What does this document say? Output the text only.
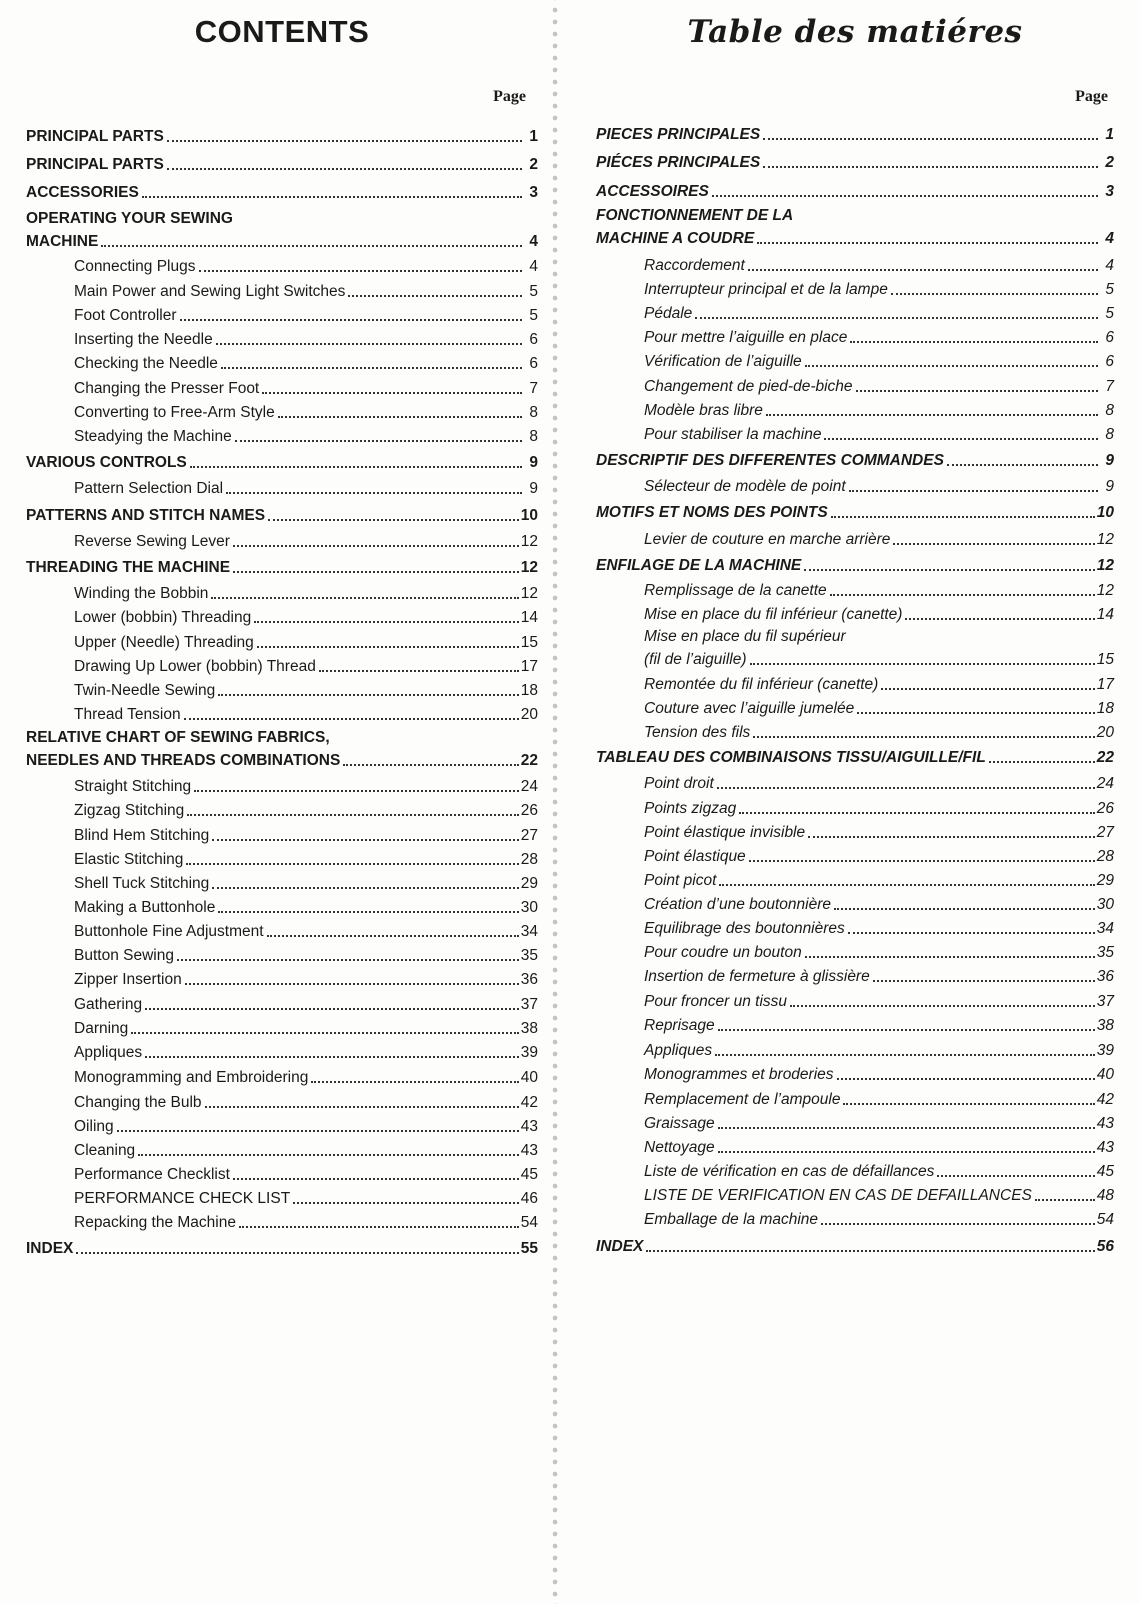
CONTENTS
Page
PRINCIPAL PARTS	1
PRINCIPAL PARTS	2
ACCESSORIES	3
OPERATING YOUR SEWING
MACHINE	4
Connecting Plugs	4
Main Power and Sewing Light Switches	5
Foot Controller	5
Inserting the Needle	6
Checking the Needle	6
Changing the Presser Foot	7
Converting to Free-Arm Style	8
Steadying the Machine	8
VARIOUS CONTROLS	9
Pattern Selection Dial	9
PATTERNS AND STITCH NAMES	10
Reverse Sewing Lever	12
THREADING THE MACHINE	12
Winding the Bobbin	12
Lower (bobbin) Threading	14
Upper (Needle) Threading	15
Drawing Up Lower (bobbin) Thread	17
Twin-Needle Sewing	18
Thread Tension	20
RELATIVE CHART OF SEWING FABRICS,
NEEDLES AND THREADS COMBINATIONS	22
Straight Stitching	24
Zigzag Stitching	26
Blind Hem Stitching	27
Elastic Stitching	28
Shell Tuck Stitching	29
Making a Buttonhole	30
Buttonhole Fine Adjustment	34
Button Sewing	35
Zipper Insertion	36
Gathering	37
Darning	38
Appliques	39
Monogramming and Embroidering	40
Changing the Bulb	42
Oiling	43
Cleaning	43
Performance Checklist	45
PERFORMANCE CHECK LIST	46
Repacking the Machine	54
INDEX	55
Table des matiéres
Page
PIECES PRINCIPALES	1
PIÉCES PRINCIPALES	2
ACCESSOIRES	3
FONCTIONNEMENT DE LA
MACHINE A COUDRE	4
Raccordement	4
Interrupteur principal et de la lampe	5
Pédale	5
Pour mettre l’aiguille en place	6
Vérification de l’aiguille	6
Changement de pied-de-biche	7
Modèle bras libre	8
Pour stabiliser la machine	8
DESCRIPTIF DES DIFFERENTES COMMANDES	9
Sélecteur de modèle de point	9
MOTIFS ET NOMS DES POINTS	10
Levier de couture en marche arrière	12
ENFILAGE DE LA MACHINE	12
Remplissage de la canette	12
Mise en place du fil inférieur (canette)	14
Mise en place du fil supérieur
(fil de l’aiguille)	15
Remontée du fil inférieur (canette)	17
Couture avec l’aiguille jumelée	18
Tension des fils	20
TABLEAU DES COMBINAISONS TISSU/AIGUILLE/FIL	22
Point droit	24
Points zigzag	26
Point élastique invisible	27
Point élastique	28
Point picot	29
Création d’une boutonnière	30
Equilibrage des boutonnières	34
Pour coudre un bouton	35
Insertion de fermeture à glissière	36
Pour froncer un tissu	37
Reprisage	38
Appliques	39
Monogrammes et broderies	40
Remplacement de l’ampoule	42
Graissage	43
Nettoyage	43
Liste de vérification en cas de défaillances	45
LISTE DE VERIFICATION EN CAS DE DEFAILLANCES	48
Emballage de la machine	54
INDEX	56
